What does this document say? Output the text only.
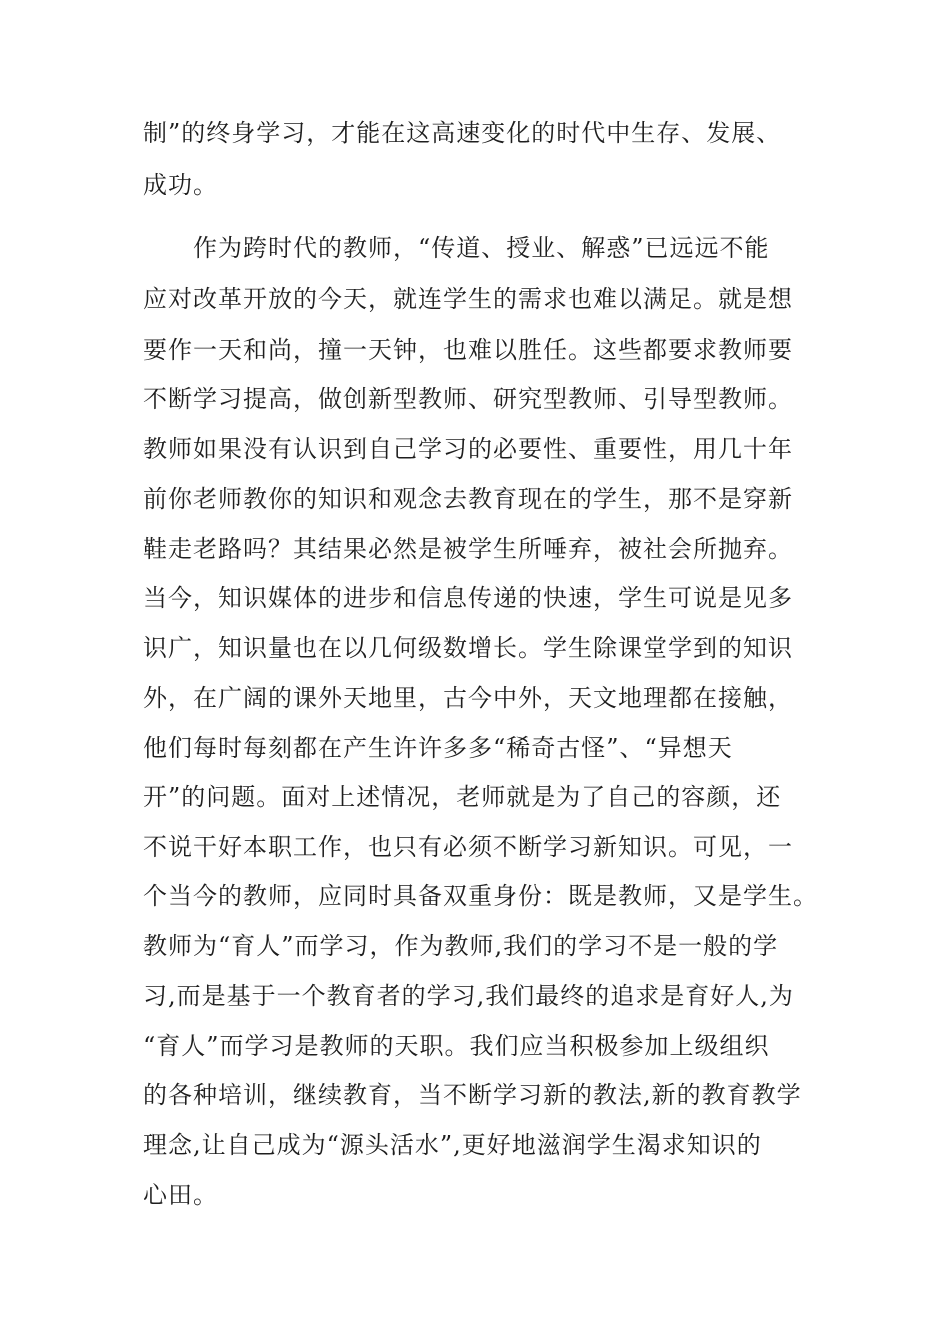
制”的终身学习，才能在这高速变化的时代中生存、发展、
成功。
作为跨时代的教师，“传道、授业、解惑”已远远不能
应对改革开放的今天，就连学生的需求也难以满足。就是想
要作一天和尚，撞一天钟，也难以胜任。这些都要求教师要
不断学习提高，做创新型教师、研究型教师、引导型教师。
教师如果没有认识到自己学习的必要性、重要性，用几十年
前你老师教你的知识和观念去教育现在的学生，那不是穿新
鞋走老路吗？其结果必然是被学生所唾弃，被社会所抛弃。
当今，知识媒体的进步和信息传递的快速，学生可说是见多
识广，知识量也在以几何级数增长。学生除课堂学到的知识
外，在广阔的课外天地里，古今中外，天文地理都在接触，
他们每时每刻都在产生许许多多“稀奇古怪”、“异想天
开”的问题。面对上述情况，老师就是为了自己的容颜，还
不说干好本职工作，也只有必须不断学习新知识。可见，一
个当今的教师，应同时具备双重身份：既是教师，又是学生。
教师为“育人”而学习，作为教师,我们的学习不是一般的学
习,而是基于一个教育者的学习,我们最终的追求是育好人,为
“育人”而学习是教师的天职。我们应当积极参加上级组织
的各种培训，继续教育，当不断学习新的教法,新的教育教学
理念,让自己成为“源头活水”,更好地滋润学生渴求知识的
心田。
